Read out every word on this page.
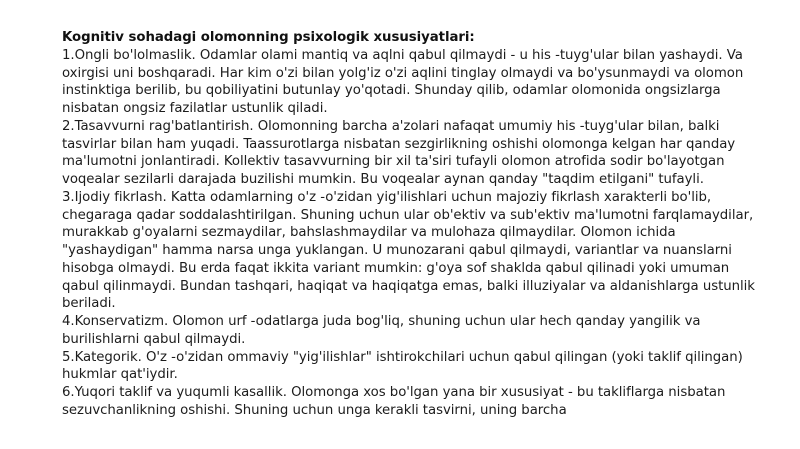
Kognitiv sohadagi olomonning psixologik xususiyatlari:

1.Ongli bo'lolmaslik. Odamlar olami mantiq va aqlni qabul qilmaydi - u his -tuyg'ular bilan yashaydi. Va oxirgisi uni boshqaradi. Har kim o'zi bilan yolg'iz o'zi aqlini tinglay olmaydi va bo'ysunmaydi va olomon instinktiga berilib, bu qobiliyatini butunlay yo'qotadi. Shunday qilib, odamlar olomonida ongsizlarga nisbatan ongsiz fazilatlar ustunlik qiladi.

2.Tasavvurni rag'batlantirish. Olomonning barcha a'zolari nafaqat umumiy his -tuyg'ular bilan, balki tasvirlar bilan ham yuqadi. Taassurotlarga nisbatan sezgirlikning oshishi olomonga kelgan har qanday ma'lumotni jonlantiradi. Kollektiv tasavvurning bir xil ta'siri tufayli olomon atrofida sodir bo'layotgan voqealar sezilarli darajada buzilishi mumkin. Bu voqealar aynan qanday "taqdim etilgani" tufayli.

3.Ijodiy fikrlash. Katta odamlarning o'z -o'zidan yig'ilishlari uchun majoziy fikrlash xarakterli bo'lib, chegaraga qadar soddalashtirilgan. Shuning uchun ular ob'ektiv va sub'ektiv ma'lumotni farqlamaydilar, murakkab g'oyalarni sezmaydilar, bahslashmaydilar va mulohaza qilmaydilar. Olomon ichida "yashaydigan" hamma narsa unga yuklangan. U munozarani qabul qilmaydi, variantlar va nuanslarni hisobga olmaydi. Bu erda faqat ikkita variant mumkin: g'oya sof shaklda qabul qilinadi yoki umuman qabul qilinmaydi. Bundan tashqari, haqiqat va haqiqatga emas, balki illuziyalar va aldanishlarga ustunlik beriladi.

4.Konservatizm. Olomon urf -odatlarga juda bog'liq, shuning uchun ular hech qanday yangilik va burilishlarni qabul qilmaydi.

5.Kategorik. O'z -o'zidan ommaviy "yig'ilishlar" ishtirokchilari uchun qabul qilingan (yoki taklif qilingan) hukmlar qat'iydir.

6.Yuqori taklif va yuqumli kasallik. Olomonga xos bo'lgan yana bir xususiyat - bu takliflarga nisbatan sezuvchanlikning oshishi. Shuning uchun unga kerakli tasvirni, uning barcha
